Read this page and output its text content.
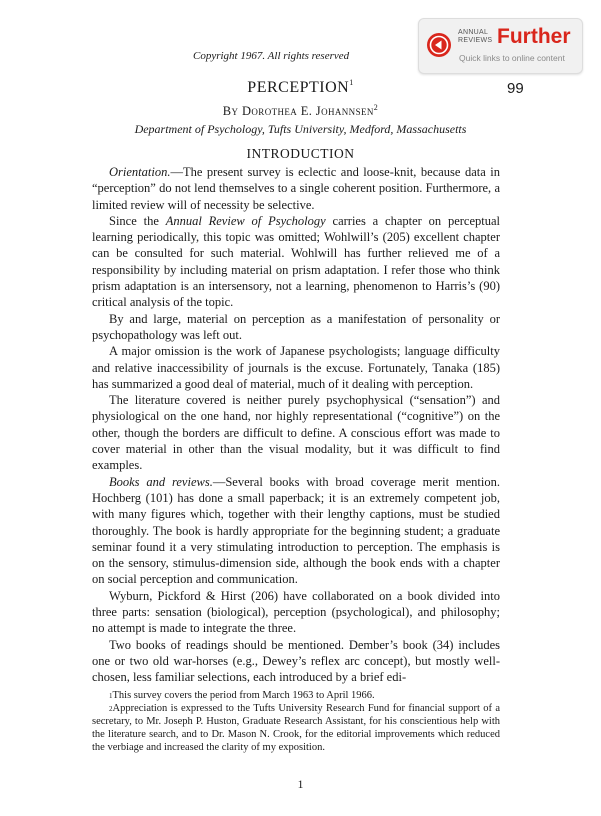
Copyright 1967. All rights reserved
ANNUAL
REVIEWS Further
Quick links to online content
99
PERCEPTION$^1$
By Dorothea E. Johannsen$^2$
Department of Psychology, Tufts University, Medford, Massachusetts
INTRODUCTION

Orientation.—The present survey is eclectic and loose-knit, because data in “perception” do not lend themselves to a single coherent position. Furthermore, a limited review will of necessity be selective.

Since the Annual Review of Psychology carries a chapter on perceptual learning periodically, this topic was omitted; Wohlwill’s (205) excellent chapter can be consulted for such material. Wohlwill has further relieved me of a responsibility by including material on prism adaptation. I refer those who think prism adaptation is an intersensory, not a learning, phenomenon to Harris’s (90) critical analysis of the topic.

By and large, material on perception as a manifestation of personality or psychopathology was left out.

A major omission is the work of Japanese psychologists; language difficulty and relative inaccessibility of journals is the excuse. Fortunately, Tanaka (185) has summarized a good deal of material, much of it dealing with perception.

The literature covered is neither purely psychophysical (“sensation”) and physiological on the one hand, nor highly representational (“cognitive”) on the other, though the borders are difficult to define. A conscious effort was made to cover material in other than the visual modality, but it was difficult to find examples.

Books and reviews.—Several books with broad coverage merit mention. Hochberg (101) has done a small paperback; it is an extremely competent job, with many figures which, together with their lengthy captions, must be studied thoroughly. The book is hardly appropriate for the beginning student; a graduate seminar found it a very stimulating introduction to perception. The emphasis is on the sensory, stimulus-dimension side, although the book ends with a chapter on social perception and communication.

Wyburn, Pickford & Hirst (206) have collaborated on a book divided into three parts: sensation (biological), perception (psychological), and philosophy; no attempt is made to integrate the three.

Two books of readings should be mentioned. Dember’s book (34) includes one or two old war-horses (e.g., Dewey’s reflex arc concept), but mostly well-chosen, less familiar selections, each introduced by a brief edi-

$^1$This survey covers the period from March 1963 to April 1966.

$^2$Appreciation is expressed to the Tufts University Research Fund for financial support of a secretary, to Mr. Joseph P. Huston, Graduate Research Assistant, for his conscientious help with the literature search, and to Dr. Mason N. Crook, for the editorial improvements which reduced the verbiage and increased the clarity of my exposition.

1
